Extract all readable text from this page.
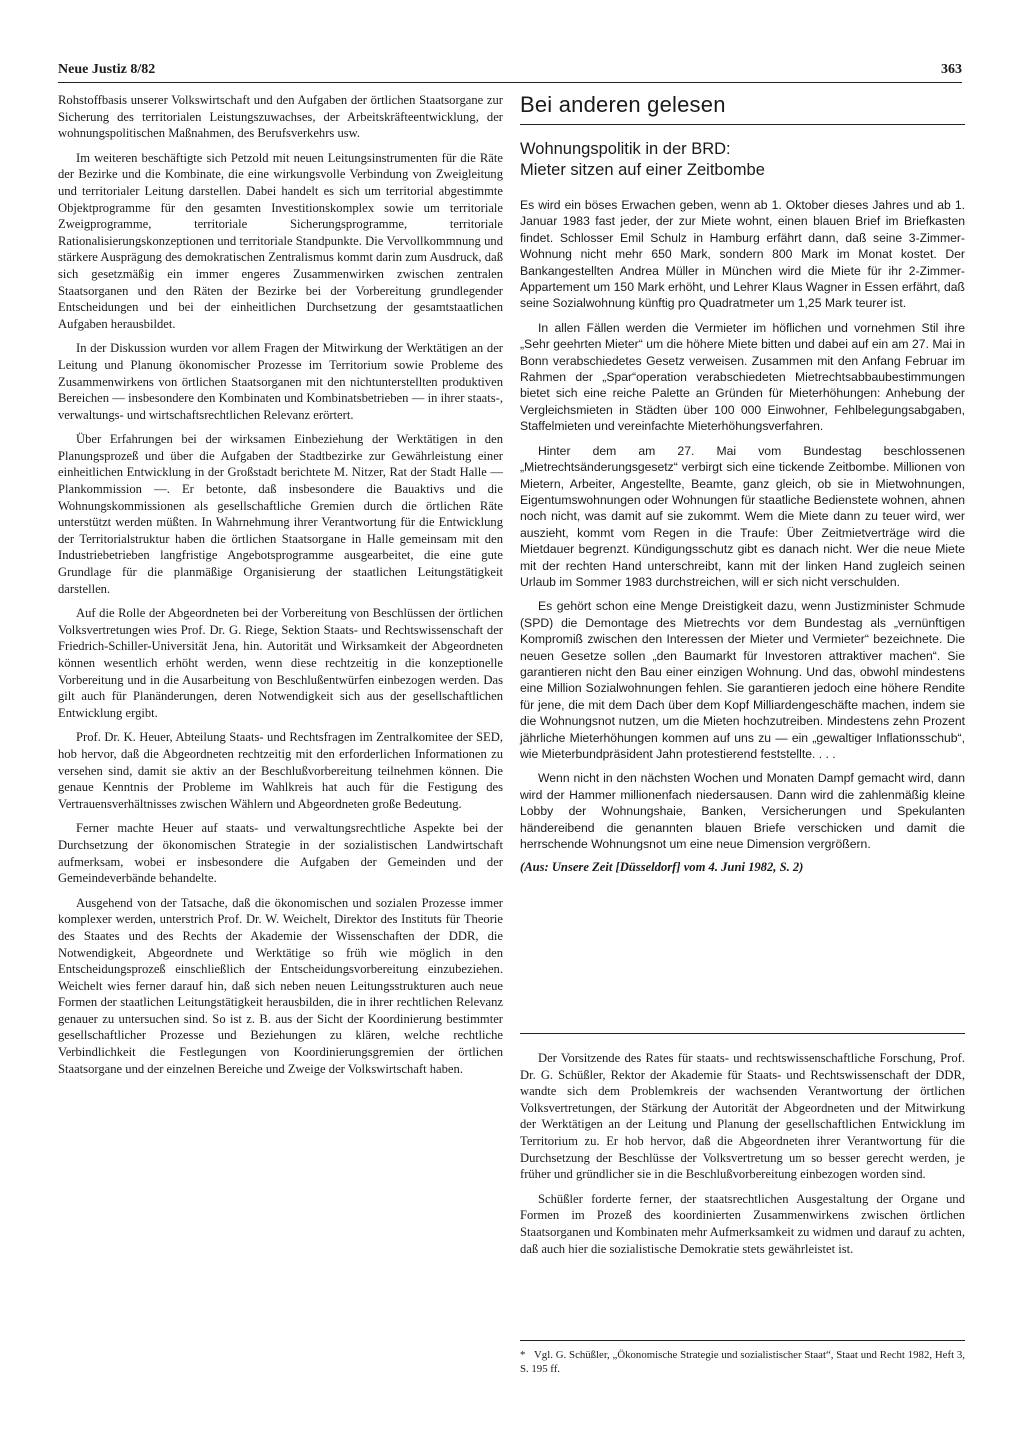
Neue Justiz 8/82	363

Rohstoffbasis unserer Volkswirtschaft und den Aufgaben der örtlichen Staatsorgane zur Sicherung des territorialen Leistungszuwachses, der Arbeitskräfteentwicklung, der wohnungspolitischen Maßnahmen, des Berufsverkehrs usw.

Im weiteren beschäftigte sich Petzold mit neuen Leitungsinstrumenten für die Räte der Bezirke und die Kombinate, die eine wirkungsvolle Verbindung von Zweigleitung und territorialer Leitung darstellen. Dabei handelt es sich um territorial abgestimmte Objektprogramme für den gesamten Investitionskomplex sowie um territoriale Zweigprogramme, territoriale Sicherungsprogramme, territoriale Rationalisierungskonzeptionen und territoriale Standpunkte. Die Vervollkommnung und stärkere Ausprägung des demokratischen Zentralismus kommt darin zum Ausdruck, daß sich gesetzmäßig ein immer engeres Zusammenwirken zwischen zentralen Staatsorganen und den Räten der Bezirke bei der Vorbereitung grundlegender Entscheidungen und bei der einheitlichen Durchsetzung der gesamtstaatlichen Aufgaben herausbildet.

In der Diskussion wurden vor allem Fragen der Mitwirkung der Werktätigen an der Leitung und Planung ökonomischer Prozesse im Territorium sowie Probleme des Zusammenwirkens von örtlichen Staatsorganen mit den nichtunterstellten produktiven Bereichen — insbesondere den Kombinaten und Kombinatsbetrieben — in ihrer staats-, verwaltungs- und wirtschaftsrechtlichen Relevanz erörtert.

Über Erfahrungen bei der wirksamen Einbeziehung der Werktätigen in den Planungsprozeß und über die Aufgaben der Stadtbezirke zur Gewährleistung einer einheitlichen Entwicklung in der Großstadt berichtete M. Nitzer, Rat der Stadt Halle — Plankommission —. Er betonte, daß insbesondere die Bauaktivs und die Wohnungskommissionen als gesellschaftliche Gremien durch die örtlichen Räte unterstützt werden müßten. In Wahrnehmung ihrer Verantwortung für die Entwicklung der Territorialstruktur haben die örtlichen Staatsorgane in Halle gemeinsam mit den Industriebetrieben langfristige Angebotsprogramme ausgearbeitet, die eine gute Grundlage für die planmäßige Organisierung der staatlichen Leitungstätigkeit darstellen.

Auf die Rolle der Abgeordneten bei der Vorbereitung von Beschlüssen der örtlichen Volksvertretungen wies Prof. Dr. G. Riege, Sektion Staats- und Rechtswissenschaft der Friedrich-Schiller-Universität Jena, hin. Autorität und Wirksamkeit der Abgeordneten können wesentlich erhöht werden, wenn diese rechtzeitig in die konzeptionelle Vorbereitung und in die Ausarbeitung von Beschlußentwürfen einbezogen werden. Das gilt auch für Planänderungen, deren Notwendigkeit sich aus der gesellschaftlichen Entwicklung ergibt.

Prof. Dr. K. Heuer, Abteilung Staats- und Rechtsfragen im Zentralkomitee der SED, hob hervor, daß die Abgeordneten rechtzeitig mit den erforderlichen Informationen zu versehen sind, damit sie aktiv an der Beschlußvorbereitung teilnehmen können. Die genaue Kenntnis der Probleme im Wahlkreis hat auch für die Festigung des Vertrauensverhältnisses zwischen Wählern und Abgeordneten große Bedeutung.

Ferner machte Heuer auf staats- und verwaltungsrechtliche Aspekte bei der Durchsetzung der ökonomischen Strategie in der sozialistischen Landwirtschaft aufmerksam, wobei er insbesondere die Aufgaben der Gemeinden und der Gemeindeverbände behandelte.

Ausgehend von der Tatsache, daß die ökonomischen und sozialen Prozesse immer komplexer werden, unterstrich Prof. Dr. W. Weichelt, Direktor des Instituts für Theorie des Staates und des Rechts der Akademie der Wissenschaften der DDR, die Notwendigkeit, Abgeordnete und Werktätige so früh wie möglich in den Entscheidungsprozeß einschließlich der Entscheidungsvorbereitung einzubeziehen. Weichelt wies ferner darauf hin, daß sich neben neuen Leitungsstrukturen auch neue Formen der staatlichen Leitungstätigkeit herausbilden, die in ihrer rechtlichen Relevanz genauer zu untersuchen sind. So ist z. B. aus der Sicht der Koordinierung bestimmter gesellschaftlicher Prozesse und Beziehungen zu klären, welche rechtliche Verbindlichkeit die Festlegungen von Koordinierungsgremien der örtlichen Staatsorgane und der einzelnen Bereiche und Zweige der Volkswirtschaft haben.

Bei anderen gelesen
Wohnungspolitik in der BRD:
Mieter sitzen auf einer Zeitbombe

Es wird ein böses Erwachen geben, wenn ab 1. Oktober dieses Jahres und ab 1. Januar 1983 fast jeder, der zur Miete wohnt, einen blauen Brief im Briefkasten findet. Schlosser Emil Schulz in Hamburg erfährt dann, daß seine 3-Zimmer-Wohnung nicht mehr 650 Mark, sondern 800 Mark im Monat kostet. Der Bankangestellten Andrea Müller in München wird die Miete für ihr 2-Zimmer-Appartement um 150 Mark erhöht, und Lehrer Klaus Wagner in Essen erfährt, daß seine Sozialwohnung künftig pro Quadratmeter um 1,25 Mark teurer ist.

In allen Fällen werden die Vermieter im höflichen und vornehmen Stil ihre „Sehr geehrten Mieter“ um die höhere Miete bitten und dabei auf ein am 27. Mai in Bonn verabschiedetes Gesetz verweisen. Zusammen mit den Anfang Februar im Rahmen der „Spar“operation verabschiedeten Mietrechtsabbaubestimmungen bietet sich eine reiche Palette an Gründen für Mieterhöhungen: Anhebung der Vergleichsmieten in Städten über 100 000 Einwohner, Fehlbelegungsabgaben, Staffelmieten und vereinfachte Mieterhöhungsverfahren.

Hinter dem am 27. Mai vom Bundestag beschlossenen „Mietrechtsänderungsgesetz“ verbirgt sich eine tickende Zeitbombe. Millionen von Mietern, Arbeiter, Angestellte, Beamte, ganz gleich, ob sie in Mietwohnungen, Eigentumswohnungen oder Wohnungen für staatliche Bedienstete wohnen, ahnen noch nicht, was damit auf sie zukommt. Wem die Miete dann zu teuer wird, wer auszieht, kommt vom Regen in die Traufe: Über Zeitmietverträge wird die Mietdauer begrenzt. Kündigungsschutz gibt es danach nicht. Wer die neue Miete mit der rechten Hand unterschreibt, kann mit der linken Hand zugleich seinen Urlaub im Sommer 1983 durchstreichen, will er sich nicht verschulden.

Es gehört schon eine Menge Dreistigkeit dazu, wenn Justizminister Schmude (SPD) die Demontage des Mietrechts vor dem Bundestag als „vernünftigen Kompromiß zwischen den Interessen der Mieter und Vermieter“ bezeichnete. Die neuen Gesetze sollen „den Baumarkt für Investoren attraktiver machen“. Sie garantieren nicht den Bau einer einzigen Wohnung. Und das, obwohl mindestens eine Million Sozialwohnungen fehlen. Sie garantieren jedoch eine höhere Rendite für jene, die mit dem Dach über dem Kopf Milliardengeschäfte machen, indem sie die Wohnungsnot nutzen, um die Mieten hochzutreiben. Mindestens zehn Prozent jährliche Mieterhöhungen kommen auf uns zu — ein „gewaltiger Inflationsschub“, wie Mieterbundpräsident Jahn protestierend feststellte. . . .

Wenn nicht in den nächsten Wochen und Monaten Dampf gemacht wird, dann wird der Hammer millionenfach niedersausen. Dann wird die zahlenmäßig kleine Lobby der Wohnungshaie, Banken, Versicherungen und Spekulanten händereibend die genannten blauen Briefe verschicken und damit die herrschende Wohnungsnot um eine neue Dimension vergrößern.

(Aus: Unsere Zeit [Düsseldorf] vom 4. Juni 1982, S. 2)

Der Vorsitzende des Rates für staats- und rechtswissenschaftliche Forschung, Prof. Dr. G. Schüßler, Rektor der Akademie für Staats- und Rechtswissenschaft der DDR, wandte sich dem Problemkreis der wachsenden Verantwortung der örtlichen Volksvertretungen, der Stärkung der Autorität der Abgeordneten und der Mitwirkung der Werktätigen an der Leitung und Planung der gesellschaftlichen Entwicklung im Territorium zu. Er hob hervor, daß die Abgeordneten ihrer Verantwortung für die Durchsetzung der Beschlüsse der Volksvertretung um so besser gerecht werden, je früher und gründlicher sie in die Beschlußvorbereitung einbezogen worden sind.

Schüßler forderte ferner, der staatsrechtlichen Ausgestaltung der Organe und Formen im Prozeß des koordinierten Zusammenwirkens zwischen örtlichen Staatsorganen und Kombinaten mehr Aufmerksamkeit zu widmen und darauf zu achten, daß auch hier die sozialistische Demokratie stets gewährleistet ist.

* Vgl. G. Schüßler, „Ökonomische Strategie und sozialistischer Staat“, Staat und Recht 1982, Heft 3, S. 195 ff.
